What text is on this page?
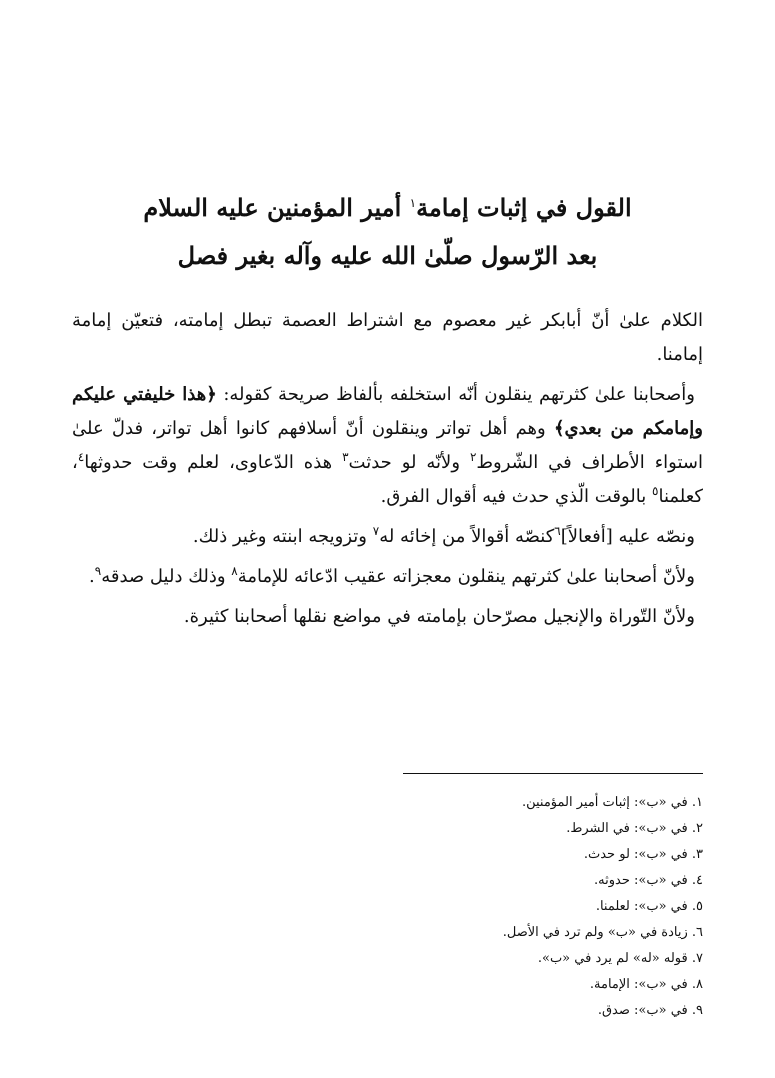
القول في إثبات إمامة$^١$ أمير المؤمنين عليه السلام
بعد الرّسول صلّىٰ الله عليه وآله بغير فصل

الكلام علىٰ أنّ أبابكر غير معصوم مع اشتراط العصمة تبطل إمامته، فتعيّن إمامة إمامنا.

وأصحابنا علىٰ كثرتهم ينقلون أنّه استخلفه بألفاظ صريحة كقوله: ﴿هذا خليفتي عليكم وإمامكم من بعدي﴾ وهم أهل تواتر وينقلون أنّ أسلافهم كانوا أهل تواتر، فدلّ علىٰ استواء الأطراف في الشّروط$^٢$ ولأنّه لو حدثت$^٣$ هذه الدّعاوى، لعلم وقت حدوثها$^٤$، كعلمنا$^٥$ بالوقت الّذي حدث فيه أقوال الفرق.

ونصّه عليه [أفعالاً]$^٦$كنصّه أقوالاً من إخائه له$^٧$ وتزويجه ابنته وغير ذلك.

ولأنّ أصحابنا علىٰ كثرتهم ينقلون معجزاته عقيب ادّعائه للإمامة$^٨$ وذلك دليل صدقه$^٩$.

ولأنّ التّوراة والإنجيل مصرّحان بإمامته في مواضع نقلها أصحابنا كثيرة.

١. في «ب»: إثبات أمير المؤمنين.
٢. في «ب»: في الشرط.
٣. في «ب»: لو حدث.
٤. في «ب»: حدوثه.
٥. في «ب»: لعلمنا.
٦. زيادة في «ب» ولم ترد في الأصل.
٧. قوله «له» لم يرد في «ب».
٨. في «ب»: الإمامة.
٩. في «ب»: صدق.
